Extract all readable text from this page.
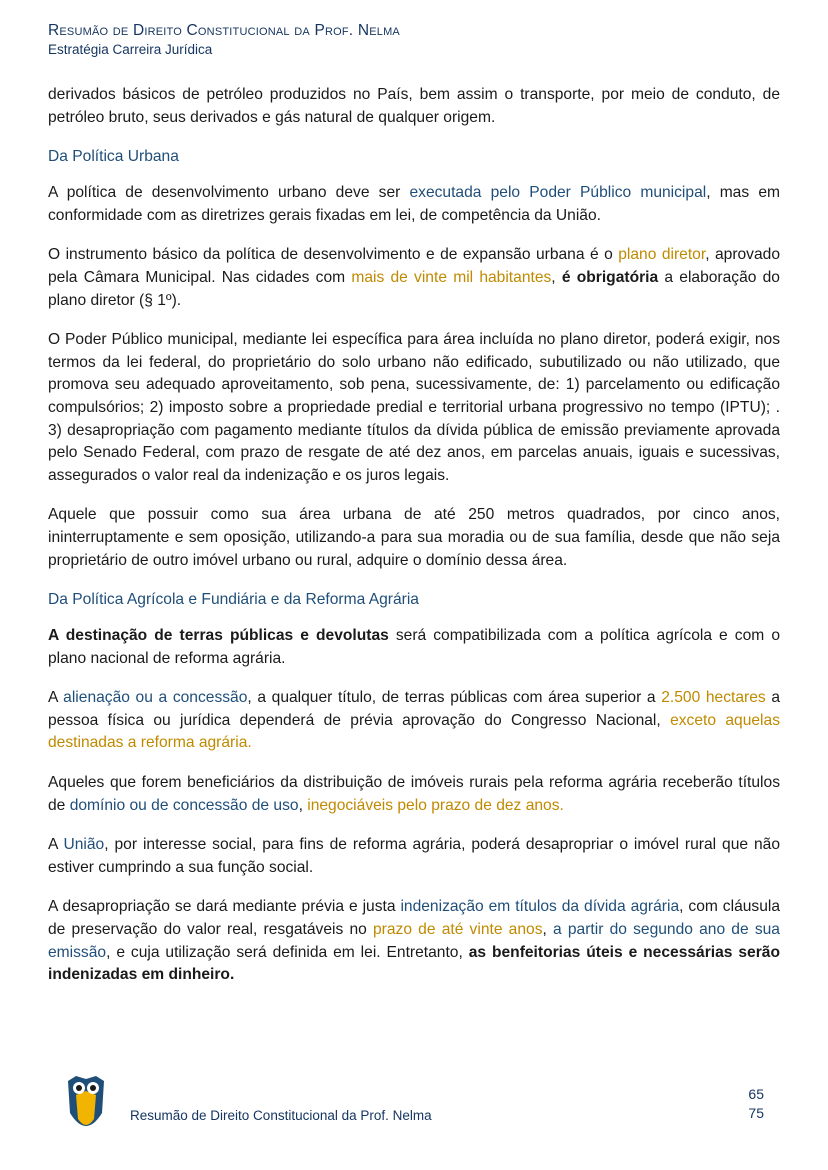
Resumão de Direito Constitucional da Prof. Nelma
Estratégia Carreira Jurídica

derivados básicos de petróleo produzidos no País, bem assim o transporte, por meio de conduto, de petróleo bruto, seus derivados e gás natural de qualquer origem.

Da Política Urbana

A política de desenvolvimento urbano deve ser executada pelo Poder Público municipal, mas em conformidade com as diretrizes gerais fixadas em lei, de competência da União.

O instrumento básico da política de desenvolvimento e de expansão urbana é o plano diretor, aprovado pela Câmara Municipal. Nas cidades com mais de vinte mil habitantes, é obrigatória a elaboração do plano diretor (§ 1º).

O Poder Público municipal, mediante lei específica para área incluída no plano diretor, poderá exigir, nos termos da lei federal, do proprietário do solo urbano não edificado, subutilizado ou não utilizado, que promova seu adequado aproveitamento, sob pena, sucessivamente, de: 1) parcelamento ou edificação compulsórios; 2) imposto sobre a propriedade predial e territorial urbana progressivo no tempo (IPTU); . 3) desapropriação com pagamento mediante títulos da dívida pública de emissão previamente aprovada pelo Senado Federal, com prazo de resgate de até dez anos, em parcelas anuais, iguais e sucessivas, assegurados o valor real da indenização e os juros legais.

Aquele que possuir como sua área urbana de até 250 metros quadrados, por cinco anos, ininterruptamente e sem oposição, utilizando-a para sua moradia ou de sua família, desde que não seja proprietário de outro imóvel urbano ou rural, adquire o domínio dessa área.

Da Política Agrícola e Fundiária e da Reforma Agrária

A destinação de terras públicas e devolutas será compatibilizada com a política agrícola e com o plano nacional de reforma agrária.

A alienação ou a concessão, a qualquer título, de terras públicas com área superior a 2.500 hectares a pessoa física ou jurídica dependerá de prévia aprovação do Congresso Nacional, exceto aquelas destinadas a reforma agrária.

Aqueles que forem beneficiários da distribuição de imóveis rurais pela reforma agrária receberão títulos de domínio ou de concessão de uso, inegociáveis pelo prazo de dez anos.

A União, por interesse social, para fins de reforma agrária, poderá desapropriar o imóvel rural que não estiver cumprindo a sua função social.

A desapropriação se dará mediante prévia e justa indenização em títulos da dívida agrária, com cláusula de preservação do valor real, resgatáveis no prazo de até vinte anos, a partir do segundo ano de sua emissão, e cuja utilização será definida em lei. Entretanto, as benfeitorias úteis e necessárias serão indenizadas em dinheiro.

Resumão de Direito Constitucional da Prof. Nelma
65
75
